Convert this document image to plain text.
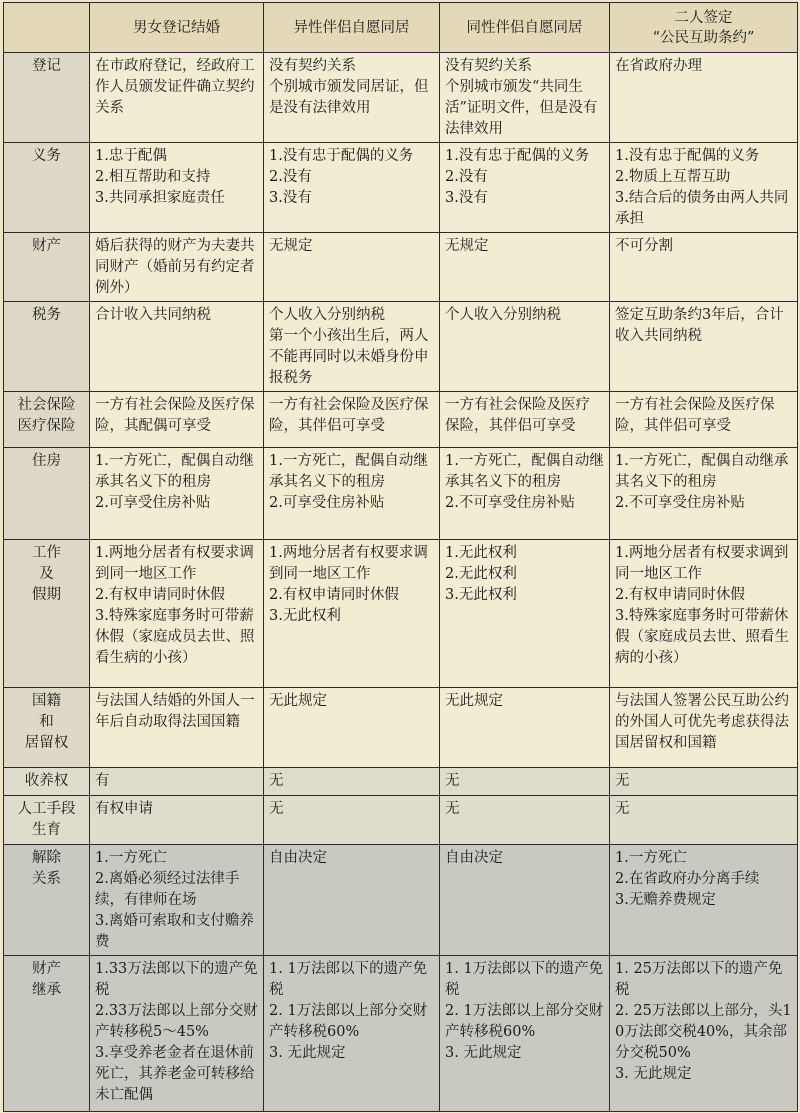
	男女登记结婚	异性伴侣自愿同居	同性伴侣自愿同居	二人签定
“公民互助条约”

登记	在市政府登记，经政府工作人员颁发证件确立契约关系	没有契约关系
个别城市颁发同居证，但是没有法律效用	没有契约关系
个别城市颁发“共同生活”证明文件，但是没有法律效用	在省政府办理

义务	1.忠于配偶
2.相互帮助和支持
3.共同承担家庭责任	1.没有忠于配偶的义务
2.没有
3.没有	1.没有忠于配偶的义务
2.没有
3.没有	1.没有忠于配偶的义务
2.物质上互帮互助
3.结合后的债务由两人共同承担

财产	婚后获得的财产为夫妻共同财产（婚前另有约定者例外）	无规定	无规定	不可分割

税务	合计收入共同纳税	个人收入分别纳税
第一个小孩出生后，两人不能再同时以未婚身份申报税务	个人收入分别纳税	签定互助条约3年后，合计收入共同纳税

社会保险
医疗保险	一方有社会保险及医疗保险，其配偶可享受	一方有社会保险及医疗保险，其伴侣可享受	一方有社会保险及医疗保险，其伴侣可享受	一方有社会保险及医疗保险，其伴侣可享受

住房	1.一方死亡，配偶自动继承其名义下的租房
2.可享受住房补贴	1.一方死亡，配偶自动继承其名义下的租房
2.可享受住房补贴	1.一方死亡，配偶自动继承其名义下的租房
2.不可享受住房补贴	1.一方死亡，配偶自动继承其名义下的租房
2.不可享受住房补贴

工作
及
假期	1.两地分居者有权要求调到同一地区工作
2.有权申请同时休假
3.特殊家庭事务时可带薪休假（家庭成员去世、照看生病的小孩）	1.两地分居者有权要求调到同一地区工作
2.有权申请同时休假
3.无此权利	1.无此权利
2.无此权利
3.无此权利	1.两地分居者有权要求调到同一地区工作
2.有权申请同时休假
3.特殊家庭事务时可带薪休假（家庭成员去世、照看生病的小孩）

国籍
和
居留权	与法国人结婚的外国人一年后自动取得法国国籍	无此规定	无此规定	与法国人签署公民互助公约的外国人可优先考虑获得法国居留权和国籍

收养权	有	无	无	无

人工手段
生育	有权申请	无	无	无

解除
关系	1.一方死亡
2.离婚必须经过法律手续，有律师在场
3.离婚可索取和支付赡养费	自由决定	自由决定	1.一方死亡
2.在省政府办分离手续
3.无赡养费规定

财产
继承	1.33万法郎以下的遗产免税
2.33万法郎以上部分交财产转移税5～45%
3.享受养老金者在退休前死亡，其养老金可转移给未亡配偶	1. 1万法郎以下的遗产免税
2. 1万法郎以上部分交财产转移税60%
3. 无此规定	1. 1万法郎以下的遗产免税
2. 1万法郎以上部分交财产转移税60%
3. 无此规定	1. 25万法郎以下的遗产免税
2. 25万法郎以上部分，头10万法郎交税40%，其余部分交税50%
3. 无此规定
